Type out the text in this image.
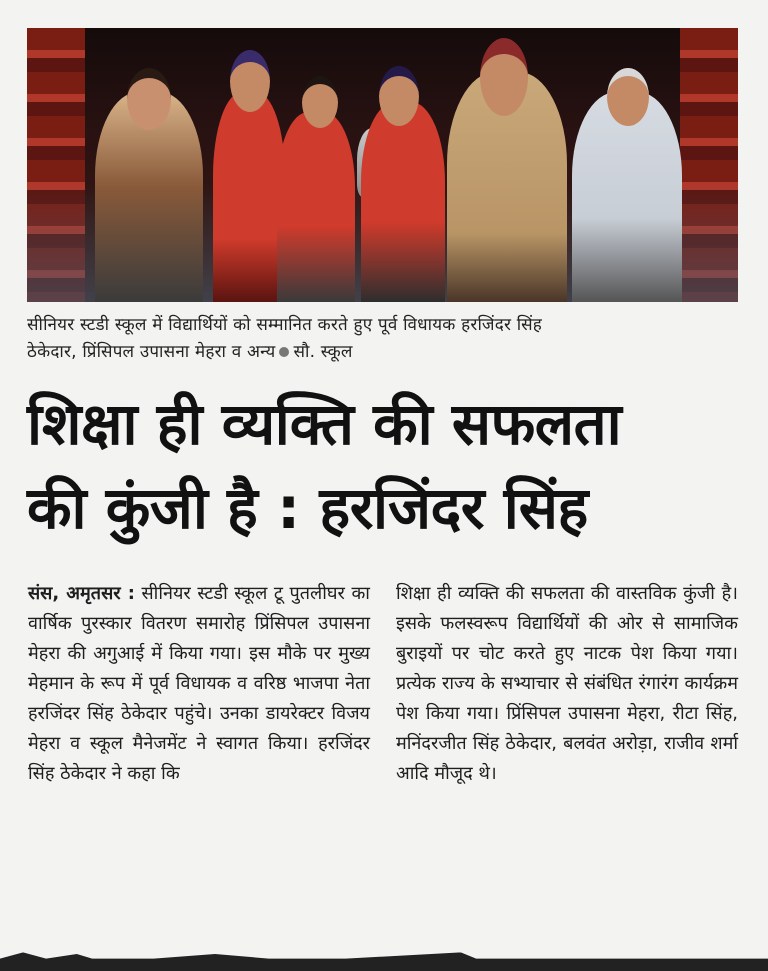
सीनियर स्टडी स्कूल में विद्यार्थियों को सम्मानित करते हुए पूर्व विधायक हरजिंदर सिंह
ठेकेदार, प्रिंसिपल उपासना मेहरा व अन्य सौ. स्कूल
शिक्षा ही व्यक्ति की सफलता
की कुंजी है : हरजिंदर सिंह
संस, अमृतसर : सीनियर स्टडी स्कूल टू पुतलीघर का वार्षिक पुरस्कार वितरण समारोह प्रिंसिपल उपासना मेहरा की अगुआई में किया गया। इस मौके पर मुख्य मेहमान के रूप में पूर्व विधायक व वरिष्ठ भाजपा नेता हरजिंदर सिंह ठेकेदार पहुंचे। उनका डायरेक्टर विजय मेहरा व स्कूल मैनेजमेंट ने स्वागत किया। हरजिंदर सिंह ठेकेदार ने कहा कि
शिक्षा ही व्यक्ति की सफलता की वास्तविक कुंजी है। इसके फलस्वरूप विद्यार्थियों की ओर से सामाजिक बुराइयों पर चोट करते हुए नाटक पेश किया गया। प्रत्येक राज्य के सभ्याचार से संबंधित रंगारंग कार्यक्रम पेश किया गया। प्रिंसिपल उपासना मेहरा, रीटा सिंह, मनिंदरजीत सिंह ठेकेदार, बलवंत अरोड़ा, राजीव शर्मा आदि मौजूद थे।
